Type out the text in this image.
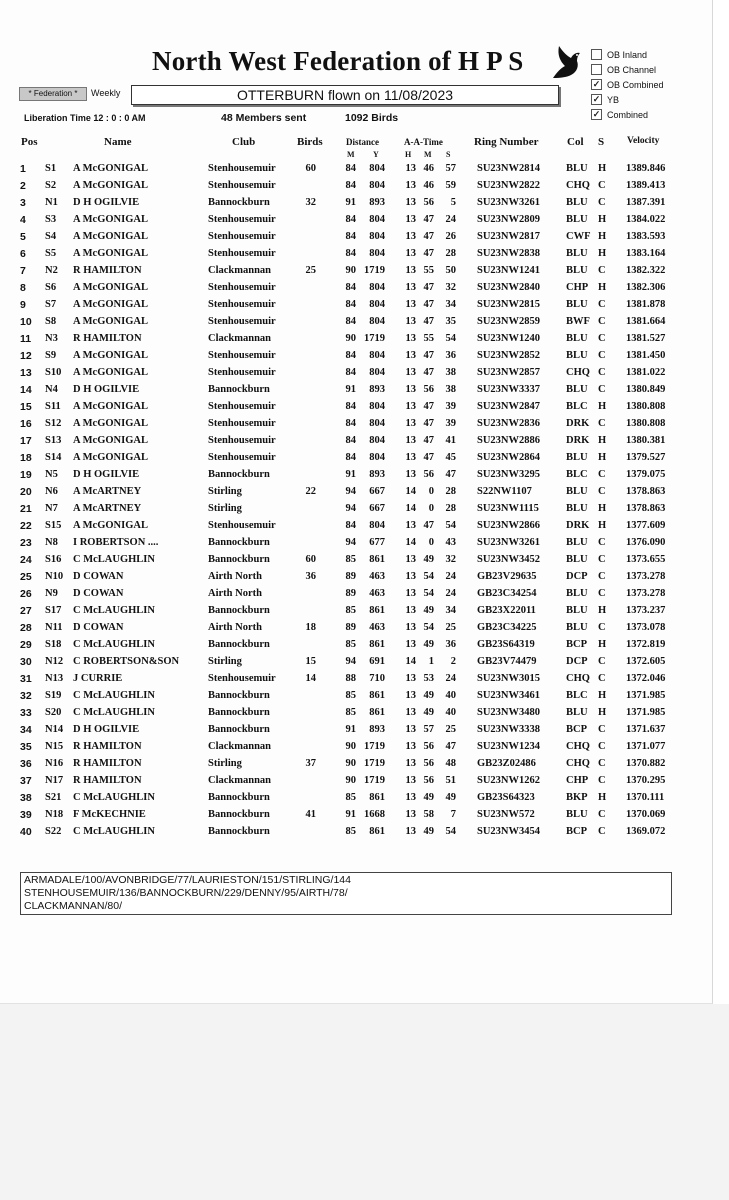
North West Federation of H P S	OB Inland
OB Channel
✓ OB Combined
✓ YB
✓ Combined
* Federation *	Weekly	OTTERBURN flown on 11/08/2023
Liberation Time 12 : 0 : 0 AM	48 Members sent	1092 Birds
Pos	Name	Club	Birds	Distance
M Y
A-A-Time
H M S
Ring Number	Col S Velocity
1	S1	A McGONIGAL	Stenhousemuir	60	84	804	13 46	57 SU23NW2814	BLU H	1389.846
2	S2	A McGONIGAL	Stenhousemuir	84	804	13 46	59 SU23NW2822	CHQ C	1389.413
3	N1	D H OGILVIE	Bannockburn	32	91	893	13 56	5 SU23NW3261	BLU C	1387.391
4	S3	A McGONIGAL	Stenhousemuir	84	804	13 47	24 SU23NW2809	BLU H	1384.022
5	S4	A McGONIGAL	Stenhousemuir	84	804	13 47	26 SU23NW2817	CWF H	1383.593
6	S5	A McGONIGAL	Stenhousemuir	84	804	13 47	28 SU23NW2838	BLU H	1383.164
7	N2	R HAMILTON	Clackmannan	25	90 1719	13 55	50 SU23NW1241	BLU C	1382.322
8	S6	A McGONIGAL	Stenhousemuir	84	804	13 47	32 SU23NW2840	CHP H	1382.306
9	S7	A McGONIGAL	Stenhousemuir	84	804	13 47	34 SU23NW2815	BLU C	1381.878
10 S8	A McGONIGAL	Stenhousemuir	84	804	13 47	35 SU23NW2859	BWF C	1381.664
11 N3	R HAMILTON	Clackmannan	90 1719	13 55	54 SU23NW1240	BLU C	1381.527
12 S9	A McGONIGAL	Stenhousemuir	84	804	13 47	36 SU23NW2852	BLU C	1381.450
13 S10	A McGONIGAL	Stenhousemuir	84	804	13 47	38 SU23NW2857	CHQ C	1381.022
14 N4	D H OGILVIE	Bannockburn	91	893	13 56	38 SU23NW3337	BLU C	1380.849
15 S11	A McGONIGAL	Stenhousemuir	84	804	13 47	39 SU23NW2847	BLC H	1380.808
16 S12	A McGONIGAL	Stenhousemuir	84	804	13 47	39 SU23NW2836	DRK C	1380.808
17 S13	A McGONIGAL	Stenhousemuir	84	804	13 47	41 SU23NW2886	DRK H	1380.381
18 S14	A McGONIGAL	Stenhousemuir	84	804	13 47	45 SU23NW2864	BLU H	1379.527
19 N5	D H OGILVIE	Bannockburn	91	893	13 56	47 SU23NW3295	BLC C	1379.075
20 N6	A McARTNEY	Stirling	22	94	667	14	0	28 S22NW1107	BLU C	1378.863
21 N7	A McARTNEY	Stirling	94	667	14	0	28 SU23NW1115	BLU H	1378.863
22 S15	A McGONIGAL	Stenhousemuir	84	804	13 47	54 SU23NW2866	DRK H	1377.609
23 N8	I ROBERTSON ....	Bannockburn	94	677	14	0	43 SU23NW3261	BLU C	1376.090
24 S16	C McLAUGHLIN	Bannockburn	60	85	861	13 49	32 SU23NW3452	BLU C	1373.655
25 N10 D COWAN	Airth North	36	89	463	13 54	24 GB23V29635	DCP C	1373.278
26 N9	D COWAN	Airth North	89	463	13 54	24 GB23C34254	BLU C	1373.278
27 S17	C McLAUGHLIN	Bannockburn	85	861	13 49	34 GB23X22011	BLU H	1373.237
28 N11 D COWAN	Airth North	18	89	463	13 54	25 GB23C34225	BLU C	1373.078
29 S18	C McLAUGHLIN	Bannockburn	85	861	13 49	36 GB23S64319	BCP	H	1372.819
30 N12 C ROBERTSON&SON	Stirling	15	94	691	14	1	2 GB23V74479	DCP C	1372.605
31 N13 J CURRIE	Stenhousemuir	14	88	710	13 53	24 SU23NW3015	CHQ C	1372.046
32 S19	C McLAUGHLIN	Bannockburn	85	861	13 49	40 SU23NW3461	BLC H	1371.985
33 S20	C McLAUGHLIN	Bannockburn	85	861	13 49	40 SU23NW3480	BLU H	1371.985
34 N14 D H OGILVIE	Bannockburn	91	893	13 57	25 SU23NW3338	BCP	C	1371.637
35 N15 R HAMILTON	Clackmannan	90 1719	13 56	47 SU23NW1234	CHQ C	1371.077
36 N16 R HAMILTON	Stirling	37	90 1719	13 56	48 GB23Z02486	CHQ C	1370.882
37 N17 R HAMILTON	Clackmannan	90 1719	13 56	51 SU23NW1262	CHP C	1370.295
38 S21	C McLAUGHLIN	Bannockburn	85	861	13 49	49 GB23S64323	BKP H	1370.111
39 N18 F McKECHNIE	Bannockburn	41	91 1668	13 58	7 SU23NW572	BLU C	1370.069
40 S22	C McLAUGHLIN	Bannockburn	85	861	13 49	54 SU23NW3454	BCP	C	1369.072
ARMADALE/100/AVONBRIDGE/77/LAURIESTON/151/STIRLING/144
STENHOUSEMUIR/136/BANNOCKBURN/229/DENNY/95/AIRTH/78/
CLACKMANNAN/80/
